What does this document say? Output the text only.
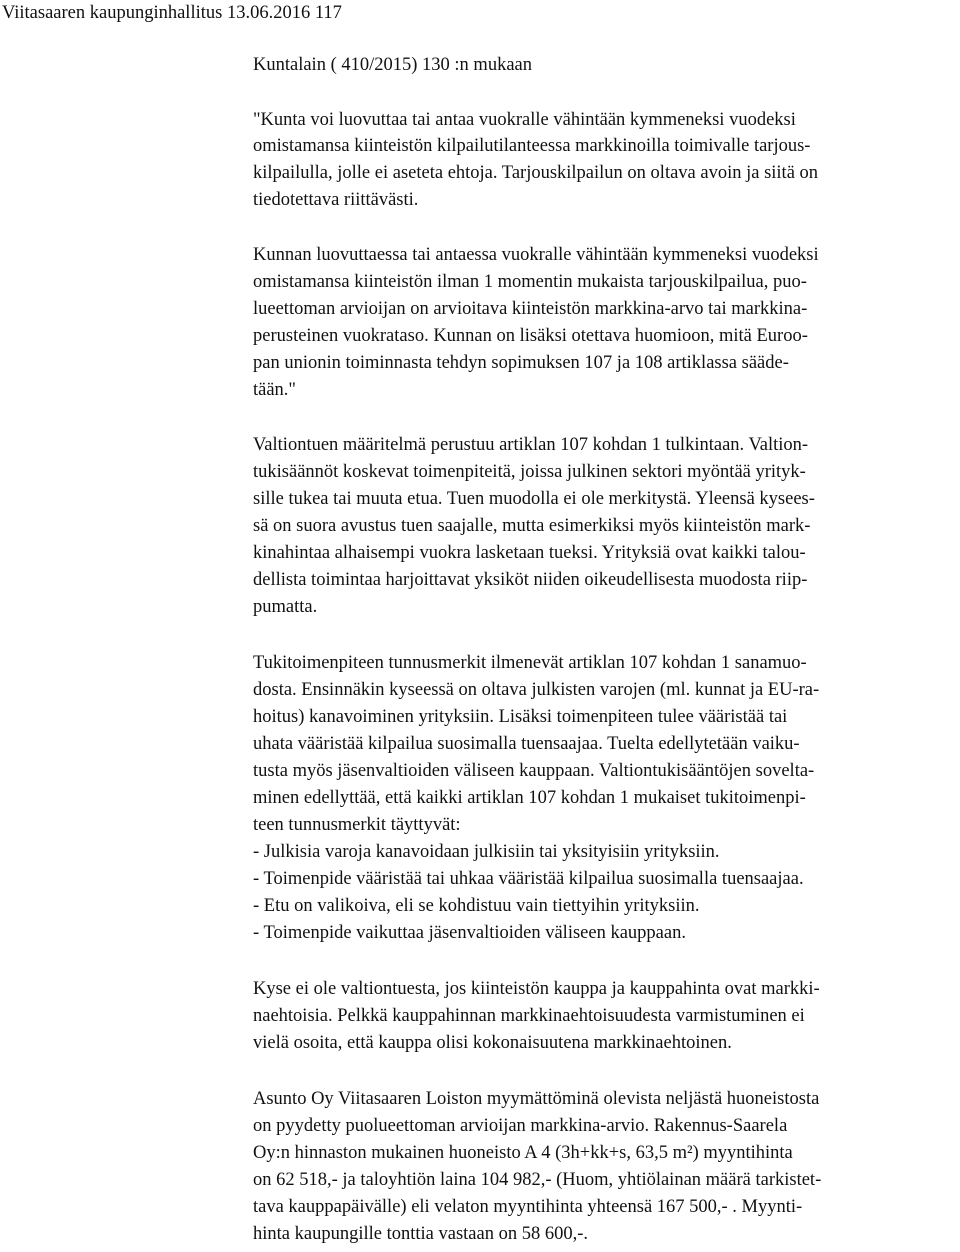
Viitasaaren kaupunginhallitus 13.06.2016 117
Kuntalain ( 410/2015) 130 :n mukaan
"Kunta voi luovuttaa tai antaa vuokralle vähintään kymmeneksi vuodeksi
omistamansa kiinteistön kilpailutilanteessa markkinoilla toimivalle tarjous-
kilpailulla, jolle ei aseteta ehtoja. Tarjouskilpailun on oltava avoin ja siitä on
tiedotettava riittävästi.
Kunnan luovuttaessa tai antaessa vuokralle vähintään kymmeneksi vuodeksi
omistamansa kiinteistön ilman 1 momentin mukaista tarjouskilpailua, puo-
lueettoman arvioijan on arvioitava kiinteistön markkina-arvo tai markkina-
perusteinen vuokrataso. Kunnan on lisäksi otettava huomioon, mitä Euroo-
pan unionin toiminnasta tehdyn sopimuksen 107 ja 108 artiklassa sääde-
tään."
Valtiontuen määritelmä perustuu artiklan 107 kohdan 1 tulkintaan. Valtion-
tukisäännöt koskevat toimenpiteitä, joissa julkinen sektori myöntää yrityk-
sille tukea tai muuta etua. Tuen muodolla ei ole merkitystä. Yleensä kysees-
sä on suora avustus tuen saajalle, mutta esimerkiksi myös kiinteistön mark-
kinahintaa alhaisempi vuokra lasketaan tueksi. Yrityksiä ovat kaikki talou-
dellista toimintaa harjoittavat yksiköt niiden oikeudellisesta muodosta riip-
pumatta.
Tukitoimenpiteen tunnusmerkit ilmenevät artiklan 107 kohdan 1 sanamuo-
dosta. Ensinnäkin kyseessä on oltava julkisten varojen (ml. kunnat ja EU-ra-
hoitus) kanavoiminen yrityksiin. Lisäksi toimenpiteen tulee vääristää tai
uhata vääristää kilpailua suosimalla tuensaajaa. Tuelta edellytetään vaiku-
tusta myös jäsenvaltioiden väliseen kauppaan. Valtiontukisääntöjen soveltа-
minen edellyttää, että kaikki artiklan 107 kohdan 1 mukaiset tukitoimenpi-
teen tunnusmerkit täyttyvät:
- Julkisia varoja kanavoidaan julkisiin tai yksityisiin yrityksiin.
- Toimenpide vääristää tai uhkaa vääristää kilpailua suosimalla tuensaajaa.
- Etu on valikoiva, eli se kohdistuu vain tiettyihin yrityksiin.
- Toimenpide vaikuttaa jäsenvaltioiden väliseen kauppaan.
Kyse ei ole valtiontuesta, jos kiinteistön kauppa ja kauppahinta ovat markki-
naehtoisia. Pelkkä kauppahinnan markkinaehtoisuudesta varmistuminen ei
vielä osoita, että kauppa olisi kokonaisuutena markkinaehtoinen.
Asunto Oy Viitasaaren Loiston myymättöminä olevista neljästä huoneistosta
on pyydetty puolueettoman arvioijan markkina-arvio. Rakennus-Saarela
Oy:n hinnaston mukainen huoneisto A 4 (3h+kk+s, 63,5 m²) myyntihinta
on 62 518,- ja taloyhtiön laina 104 982,- (Huom, yhtiölainan määrä tarkistet-
tava kauppapäivälle) eli velaton myyntihinta yhteensä 167 500,- . Myynti-
hinta kaupungille tonttia vastaan on 58 600,-.
